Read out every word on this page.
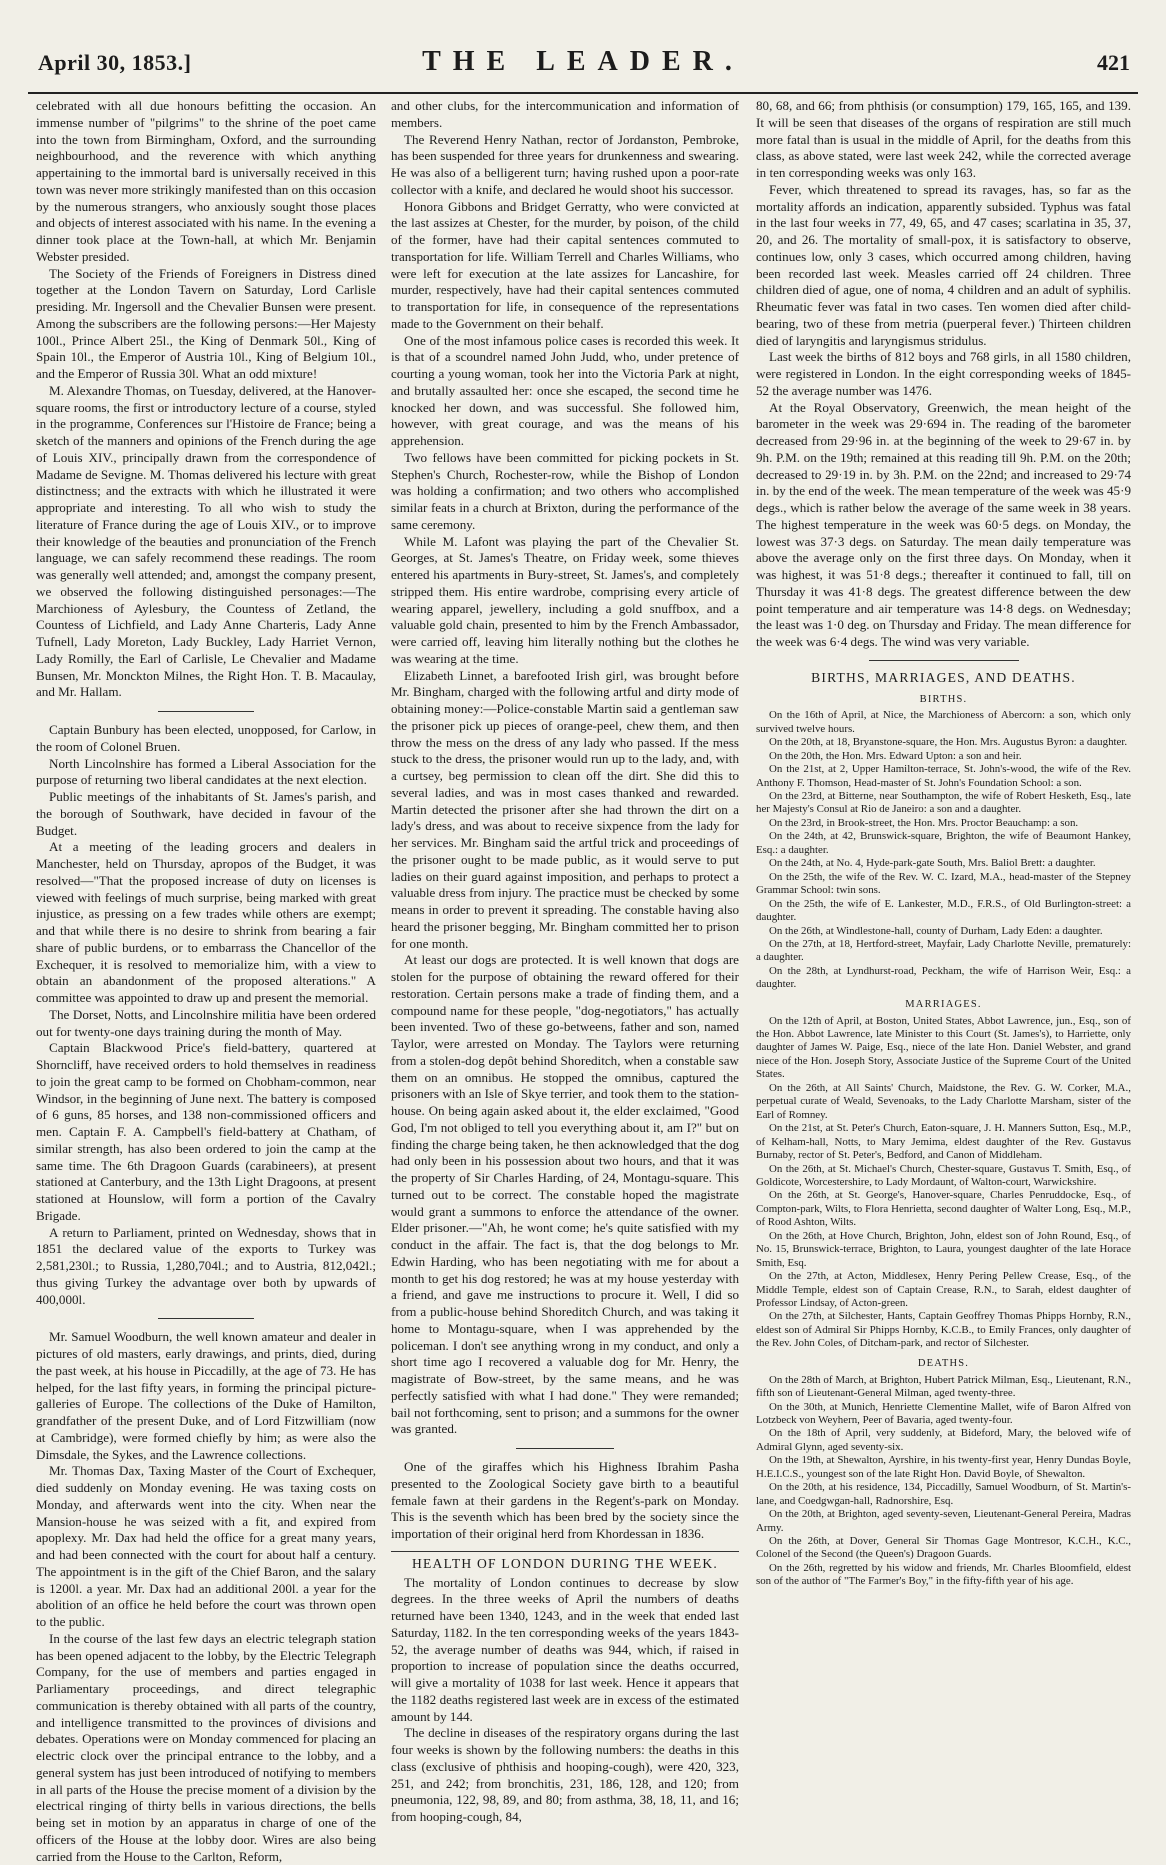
April 30, 1853.]	THE LEADER.	421

celebrated with all due honours befitting the occasion. An immense number of "pilgrims" to the shrine of the poet came into the town from Birmingham, Oxford, and the surrounding neighbourhood, and the reverence with which anything appertaining to the immortal bard is universally received in this town was never more strikingly manifested than on this occasion by the numerous strangers, who anxiously sought those places and objects of interest associated with his name. In the evening a dinner took place at the Town-hall, at which Mr. Benjamin Webster presided.

The Society of the Friends of Foreigners in Distress dined together at the London Tavern on Saturday, Lord Carlisle presiding. Mr. Ingersoll and the Chevalier Bunsen were present. Among the subscribers are the following persons:—Her Majesty 100l., Prince Albert 25l., the King of Denmark 50l., King of Spain 10l., the Emperor of Austria 10l., King of Belgium 10l., and the Emperor of Russia 30l. What an odd mixture!

M. Alexandre Thomas, on Tuesday, delivered, at the Hanover-square rooms, the first or introductory lecture of a course, styled in the programme, Conferences sur l'Histoire de France; being a sketch of the manners and opinions of the French during the age of Louis XIV., principally drawn from the correspondence of Madame de Sevigne. M. Thomas delivered his lecture with great distinctness; and the extracts with which he illustrated it were appropriate and interesting. To all who wish to study the literature of France during the age of Louis XIV., or to improve their knowledge of the beauties and pronunciation of the French language, we can safely recommend these readings. The room was generally well attended; and, amongst the company present, we observed the following distinguished personages:—The Marchioness of Aylesbury, the Countess of Zetland, the Countess of Lichfield, and Lady Anne Charteris, Lady Anne Tufnell, Lady Moreton, Lady Buckley, Lady Harriet Vernon, Lady Romilly, the Earl of Carlisle, Le Chevalier and Madame Bunsen, Mr. Monckton Milnes, the Right Hon. T. B. Macaulay, and Mr. Hallam.

Captain Bunbury has been elected, unopposed, for Carlow, in the room of Colonel Bruen.

North Lincolnshire has formed a Liberal Association for the purpose of returning two liberal candidates at the next election.

Public meetings of the inhabitants of St. James's parish, and the borough of Southwark, have decided in favour of the Budget.

At a meeting of the leading grocers and dealers in Manchester, held on Thursday, apropos of the Budget, it was resolved—"That the proposed increase of duty on licenses is viewed with feelings of much surprise, being marked with great injustice, as pressing on a few trades while others are exempt; and that while there is no desire to shrink from bearing a fair share of public burdens, or to embarrass the Chancellor of the Exchequer, it is resolved to memorialize him, with a view to obtain an abandonment of the proposed alterations." A committee was appointed to draw up and present the memorial.

The Dorset, Notts, and Lincolnshire militia have been ordered out for twenty-one days training during the month of May.

Captain Blackwood Price's field-battery, quartered at Shorncliff, have received orders to hold themselves in readiness to join the great camp to be formed on Chobham-common, near Windsor, in the beginning of June next. The battery is composed of 6 guns, 85 horses, and 138 non-commissioned officers and men. Captain F. A. Campbell's field-battery at Chatham, of similar strength, has also been ordered to join the camp at the same time. The 6th Dragoon Guards (carabineers), at present stationed at Canterbury, and the 13th Light Dragoons, at present stationed at Hounslow, will form a portion of the Cavalry Brigade.

A return to Parliament, printed on Wednesday, shows that in 1851 the declared value of the exports to Turkey was 2,581,230l.; to Russia, 1,280,704l.; and to Austria, 812,042l.; thus giving Turkey the advantage over both by upwards of 400,000l.

Mr. Samuel Woodburn, the well known amateur and dealer in pictures of old masters, early drawings, and prints, died, during the past week, at his house in Piccadilly, at the age of 73. He has helped, for the last fifty years, in forming the principal picture-galleries of Europe. The collections of the Duke of Hamilton, grandfather of the present Duke, and of Lord Fitzwilliam (now at Cambridge), were formed chiefly by him; as were also the Dimsdale, the Sykes, and the Lawrence collections.

Mr. Thomas Dax, Taxing Master of the Court of Exchequer, died suddenly on Monday evening. He was taxing costs on Monday, and afterwards went into the city. When near the Mansion-house he was seized with a fit, and expired from apoplexy. Mr. Dax had held the office for a great many years, and had been connected with the court for about half a century. The appointment is in the gift of the Chief Baron, and the salary is 1200l. a year. Mr. Dax had an additional 200l. a year for the abolition of an office he held before the court was thrown open to the public.

In the course of the last few days an electric telegraph station has been opened adjacent to the lobby, by the Electric Telegraph Company, for the use of members and parties engaged in Parliamentary proceedings, and direct telegraphic communication is thereby obtained with all parts of the country, and intelligence transmitted to the provinces of divisions and debates. Operations were on Monday commenced for placing an electric clock over the principal entrance to the lobby, and a general system has just been introduced of notifying to members in all parts of the House the precise moment of a division by the electrical ringing of thirty bells in various directions, the bells being set in motion by an apparatus in charge of one of the officers of the House at the lobby door. Wires are also being carried from the House to the Carlton, Reform,

and other clubs, for the intercommunication and information of members.

The Reverend Henry Nathan, rector of Jordanston, Pembroke, has been suspended for three years for drunkenness and swearing. He was also of a belligerent turn; having rushed upon a poor-rate collector with a knife, and declared he would shoot his successor.

Honora Gibbons and Bridget Gerratty, who were convicted at the last assizes at Chester, for the murder, by poison, of the child of the former, have had their capital sentences commuted to transportation for life. William Terrell and Charles Williams, who were left for execution at the late assizes for Lancashire, for murder, respectively, have had their capital sentences commuted to transportation for life, in consequence of the representations made to the Government on their behalf.

One of the most infamous police cases is recorded this week. It is that of a scoundrel named John Judd, who, under pretence of courting a young woman, took her into the Victoria Park at night, and brutally assaulted her: once she escaped, the second time he knocked her down, and was successful. She followed him, however, with great courage, and was the means of his apprehension.

Two fellows have been committed for picking pockets in St. Stephen's Church, Rochester-row, while the Bishop of London was holding a confirmation; and two others who accomplished similar feats in a church at Brixton, during the performance of the same ceremony.

While M. Lafont was playing the part of the Chevalier St. Georges, at St. James's Theatre, on Friday week, some thieves entered his apartments in Bury-street, St. James's, and completely stripped them. His entire wardrobe, comprising every article of wearing apparel, jewellery, including a gold snuffbox, and a valuable gold chain, presented to him by the French Ambassador, were carried off, leaving him literally nothing but the clothes he was wearing at the time.

Elizabeth Linnet, a barefooted Irish girl, was brought before Mr. Bingham, charged with the following artful and dirty mode of obtaining money:—Police-constable Martin said a gentleman saw the prisoner pick up pieces of orange-peel, chew them, and then throw the mess on the dress of any lady who passed. If the mess stuck to the dress, the prisoner would run up to the lady, and, with a curtsey, beg permission to clean off the dirt. She did this to several ladies, and was in most cases thanked and rewarded. Martin detected the prisoner after she had thrown the dirt on a lady's dress, and was about to receive sixpence from the lady for her services. Mr. Bingham said the artful trick and proceedings of the prisoner ought to be made public, as it would serve to put ladies on their guard against imposition, and perhaps to protect a valuable dress from injury. The practice must be checked by some means in order to prevent it spreading. The constable having also heard the prisoner begging, Mr. Bingham committed her to prison for one month.

At least our dogs are protected. It is well known that dogs are stolen for the purpose of obtaining the reward offered for their restoration. Certain persons make a trade of finding them, and a compound name for these people, "dog-negotiators," has actually been invented. Two of these go-betweens, father and son, named Taylor, were arrested on Monday. The Taylors were returning from a stolen-dog depôt behind Shoreditch, when a constable saw them on an omnibus. He stopped the omnibus, captured the prisoners with an Isle of Skye terrier, and took them to the station-house. On being again asked about it, the elder exclaimed, "Good God, I'm not obliged to tell you everything about it, am I?" but on finding the charge being taken, he then acknowledged that the dog had only been in his possession about two hours, and that it was the property of Sir Charles Harding, of 24, Montagu-square. This turned out to be correct. The constable hoped the magistrate would grant a summons to enforce the attendance of the owner. Elder prisoner.—"Ah, he wont come; he's quite satisfied with my conduct in the affair. The fact is, that the dog belongs to Mr. Edwin Harding, who has been negotiating with me for about a month to get his dog restored; he was at my house yesterday with a friend, and gave me instructions to procure it. Well, I did so from a public-house behind Shoreditch Church, and was taking it home to Montagu-square, when I was apprehended by the policeman. I don't see anything wrong in my conduct, and only a short time ago I recovered a valuable dog for Mr. Henry, the magistrate of Bow-street, by the same means, and he was perfectly satisfied with what I had done." They were remanded; bail not forthcoming, sent to prison; and a summons for the owner was granted.

One of the giraffes which his Highness Ibrahim Pasha presented to the Zoological Society gave birth to a beautiful female fawn at their gardens in the Regent's-park on Monday. This is the seventh which has been bred by the society since the importation of their original herd from Khordessan in 1836.

HEALTH OF LONDON DURING THE WEEK.

The mortality of London continues to decrease by slow degrees. In the three weeks of April the numbers of deaths returned have been 1340, 1243, and in the week that ended last Saturday, 1182. In the ten corresponding weeks of the years 1843-52, the average number of deaths was 944, which, if raised in proportion to increase of population since the deaths occurred, will give a mortality of 1038 for last week. Hence it appears that the 1182 deaths registered last week are in excess of the estimated amount by 144.

The decline in diseases of the respiratory organs during the last four weeks is shown by the following numbers: the deaths in this class (exclusive of phthisis and hooping-cough), were 420, 323, 251, and 242; from bronchitis, 231, 186, 128, and 120; from pneumonia, 122, 98, 89, and 80; from asthma, 38, 18, 11, and 16; from hooping-cough, 84,

80, 68, and 66; from phthisis (or consumption) 179, 165, 165, and 139. It will be seen that diseases of the organs of respiration are still much more fatal than is usual in the middle of April, for the deaths from this class, as above stated, were last week 242, while the corrected average in ten corresponding weeks was only 163.

Fever, which threatened to spread its ravages, has, so far as the mortality affords an indication, apparently subsided. Typhus was fatal in the last four weeks in 77, 49, 65, and 47 cases; scarlatina in 35, 37, 20, and 26. The mortality of small-pox, it is satisfactory to observe, continues low, only 3 cases, which occurred among children, having been recorded last week. Measles carried off 24 children. Three children died of ague, one of noma, 4 children and an adult of syphilis. Rheumatic fever was fatal in two cases. Ten women died after child-bearing, two of these from metria (puerperal fever.) Thirteen children died of laryngitis and laryngismus stridulus.

Last week the births of 812 boys and 768 girls, in all 1580 children, were registered in London. In the eight corresponding weeks of 1845-52 the average number was 1476.

At the Royal Observatory, Greenwich, the mean height of the barometer in the week was 29·694 in. The reading of the barometer decreased from 29·96 in. at the beginning of the week to 29·67 in. by 9h. P.M. on the 19th; remained at this reading till 9h. P.M. on the 20th; decreased to 29·19 in. by 3h. P.M. on the 22nd; and increased to 29·74 in. by the end of the week. The mean temperature of the week was 45·9 degs., which is rather below the average of the same week in 38 years. The highest temperature in the week was 60·5 degs. on Monday, the lowest was 37·3 degs. on Saturday. The mean daily temperature was above the average only on the first three days. On Monday, when it was highest, it was 51·8 degs.; thereafter it continued to fall, till on Thursday it was 41·8 degs. The greatest difference between the dew point temperature and air temperature was 14·8 degs. on Wednesday; the least was 1·0 deg. on Thursday and Friday. The mean difference for the week was 6·4 degs. The wind was very variable.

BIRTHS, MARRIAGES, AND DEATHS.
BIRTHS.

On the 16th of April, at Nice, the Marchioness of Abercorn: a son, which only survived twelve hours.

On the 20th, at 18, Bryanstone-square, the Hon. Mrs. Augustus Byron: a daughter.

On the 20th, the Hon. Mrs. Edward Upton: a son and heir.

On the 21st, at 2, Upper Hamilton-terrace, St. John's-wood, the wife of the Rev. Anthony F. Thomson, Head-master of St. John's Foundation School: a son.

On the 23rd, at Bitterne, near Southampton, the wife of Robert Hesketh, Esq., late her Majesty's Consul at Rio de Janeiro: a son and a daughter.

On the 23rd, in Brook-street, the Hon. Mrs. Proctor Beauchamp: a son.

On the 24th, at 42, Brunswick-square, Brighton, the wife of Beaumont Hankey, Esq.: a daughter.

On the 24th, at No. 4, Hyde-park-gate South, Mrs. Baliol Brett: a daughter.

On the 25th, the wife of the Rev. W. C. Izard, M.A., head-master of the Stepney Grammar School: twin sons.

On the 25th, the wife of E. Lankester, M.D., F.R.S., of Old Burlington-street: a daughter.

On the 26th, at Windlestone-hall, county of Durham, Lady Eden: a daughter.

On the 27th, at 18, Hertford-street, Mayfair, Lady Charlotte Neville, prematurely: a daughter.

On the 28th, at Lyndhurst-road, Peckham, the wife of Harrison Weir, Esq.: a daughter.

MARRIAGES.

On the 12th of April, at Boston, United States, Abbot Lawrence, jun., Esq., son of the Hon. Abbot Lawrence, late Minister to this Court (St. James's), to Harriette, only daughter of James W. Paige, Esq., niece of the late Hon. Daniel Webster, and grand niece of the Hon. Joseph Story, Associate Justice of the Supreme Court of the United States.

On the 26th, at All Saints' Church, Maidstone, the Rev. G. W. Corker, M.A., perpetual curate of Weald, Sevenoaks, to the Lady Charlotte Marsham, sister of the Earl of Romney.

On the 21st, at St. Peter's Church, Eaton-square, J. H. Manners Sutton, Esq., M.P., of Kelham-hall, Notts, to Mary Jemima, eldest daughter of the Rev. Gustavus Burnaby, rector of St. Peter's, Bedford, and Canon of Middleham.

On the 26th, at St. Michael's Church, Chester-square, Gustavus T. Smith, Esq., of Goldicote, Worcestershire, to Lady Mordaunt, of Walton-court, Warwickshire.

On the 26th, at St. George's, Hanover-square, Charles Penruddocke, Esq., of Compton-park, Wilts, to Flora Henrietta, second daughter of Walter Long, Esq., M.P., of Rood Ashton, Wilts.

On the 26th, at Hove Church, Brighton, John, eldest son of John Round, Esq., of No. 15, Brunswick-terrace, Brighton, to Laura, youngest daughter of the late Horace Smith, Esq.

On the 27th, at Acton, Middlesex, Henry Pering Pellew Crease, Esq., of the Middle Temple, eldest son of Captain Crease, R.N., to Sarah, eldest daughter of Professor Lindsay, of Acton-green.

On the 27th, at Silchester, Hants, Captain Geoffrey Thomas Phipps Hornby, R.N., eldest son of Admiral Sir Phipps Hornby, K.C.B., to Emily Frances, only daughter of the Rev. John Coles, of Ditcham-park, and rector of Silchester.

DEATHS.

On the 28th of March, at Brighton, Hubert Patrick Milman, Esq., Lieutenant, R.N., fifth son of Lieutenant-General Milman, aged twenty-three.

On the 30th, at Munich, Henriette Clementine Mallet, wife of Baron Alfred von Lotzbeck von Weyhern, Peer of Bavaria, aged twenty-four.

On the 18th of April, very suddenly, at Bideford, Mary, the beloved wife of Admiral Glynn, aged seventy-six.

On the 19th, at Shewalton, Ayrshire, in his twenty-first year, Henry Dundas Boyle, H.E.I.C.S., youngest son of the late Right Hon. David Boyle, of Shewalton.

On the 20th, at his residence, 134, Piccadilly, Samuel Woodburn, of St. Martin's-lane, and Coedgwgan-hall, Radnorshire, Esq.

On the 20th, at Brighton, aged seventy-seven, Lieutenant-General Pereira, Madras Army.

On the 26th, at Dover, General Sir Thomas Gage Montresor, K.C.H., K.C., Colonel of the Second (the Queen's) Dragoon Guards.

On the 26th, regretted by his widow and friends, Mr. Charles Bloomfield, eldest son of the author of "The Farmer's Boy," in the fifty-fifth year of his age.
